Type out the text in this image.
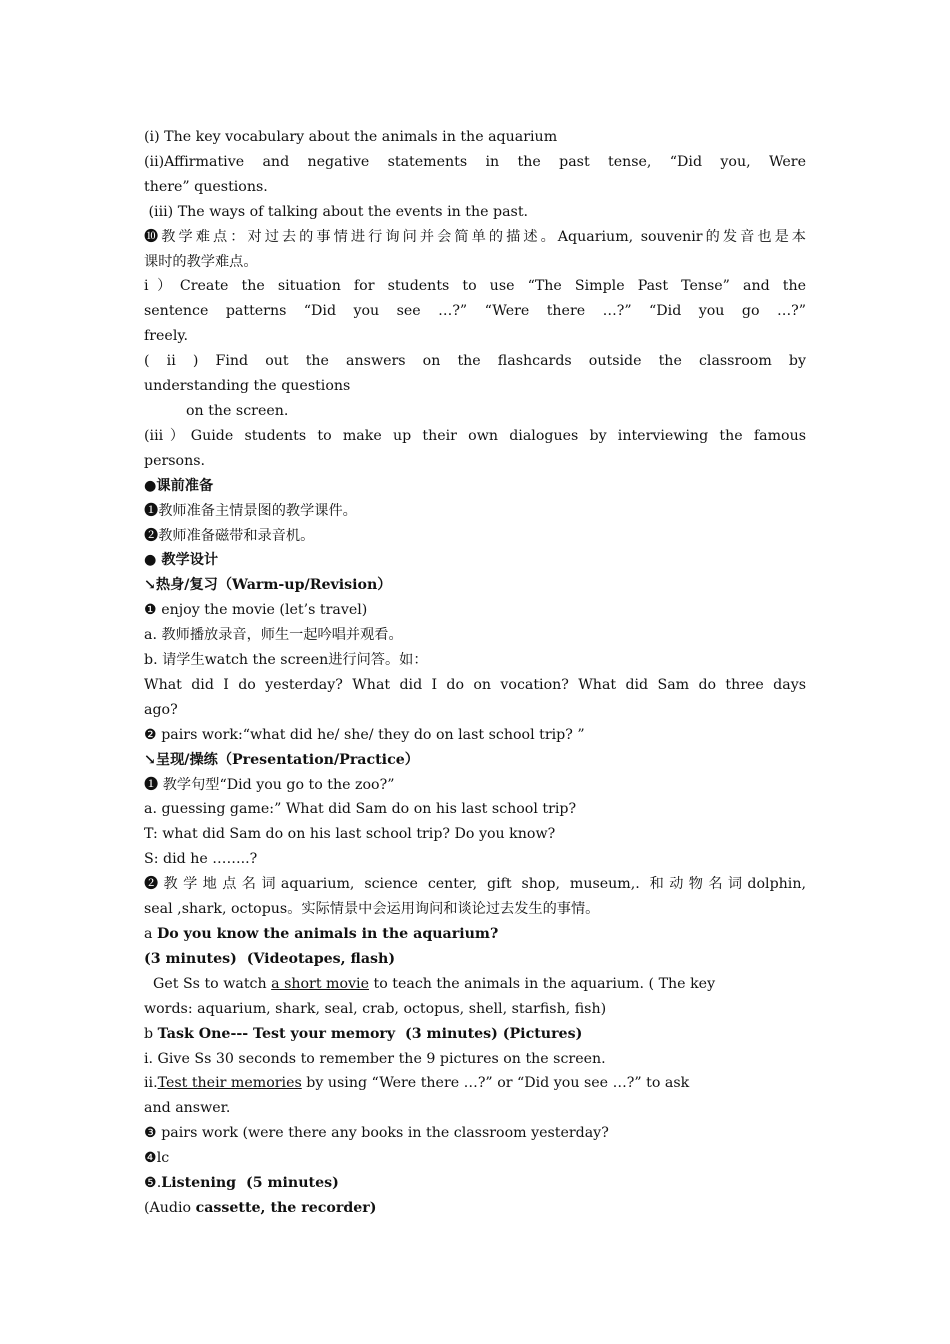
(i) The key vocabulary about the animals in the aquarium
(ii)Affirmative and negative statements in the past tense, “Did you, Were
there” questions.
(iii) The ways of talking about the events in the past.
❿教学难点：对过去的事情进行询问并会简单的描述。Aquarium, souvenir的发音也是本
课时的教学难点。
i）Create the situation for students to use “The Simple Past Tense” and the
sentence patterns “Did you see …?” “Were there …?” “Did you go …?”
freely.
( ii ) Find out the answers on the flashcards outside the classroom by
understanding the questions
on the screen.
(iii）Guide students to make up their own dialogues by interviewing the famous
persons.
●课前准备
❶教师准备主情景图的教学课件。
❷教师准备磁带和录音机。
● 教学设计
↘热身/复习（Warm-up/Revision）
❶ enjoy the movie (let’s travel)
a. 教师播放录音，师生一起吟唱并观看。
b. 请学生watch the screen进行问答。如：
What did I do yesterday? What did I do on vocation? What did Sam do three days
ago?
❷ pairs work:“what did he/ she/ they do on last school trip? ”
↘呈现/操练（Presentation/Practice）
❶ 教学句型“Did you go to the zoo?”
a. guessing game:” What did Sam do on his last school trip?
T: what did Sam do on his last school trip? Do you know?
S: did he ……..?
❷教学地点名词aquarium, science center, gift shop, museum,. 和动物名词dolphin,
seal ,shark, octopus。实际情景中会运用询问和谈论过去发生的事情。
a Do you know the animals in the aquarium?
(3 minutes)  (Videotapes, flash)
Get Ss to watch a short movie to teach the animals in the aquarium. ( The key
words: aquarium, shark, seal, crab, octopus, shell, starfish, fish)
b Task One--- Test your memory  (3 minutes) (Pictures)
i. Give Ss 30 seconds to remember the 9 pictures on the screen.
ii.Test their memories by using “Were there …?” or “Did you see …?” to ask
and answer.
❸ pairs work (were there any books in the classroom yesterday?
❹lc
❺.Listening  (5 minutes)
(Audio cassette, the recorder)
